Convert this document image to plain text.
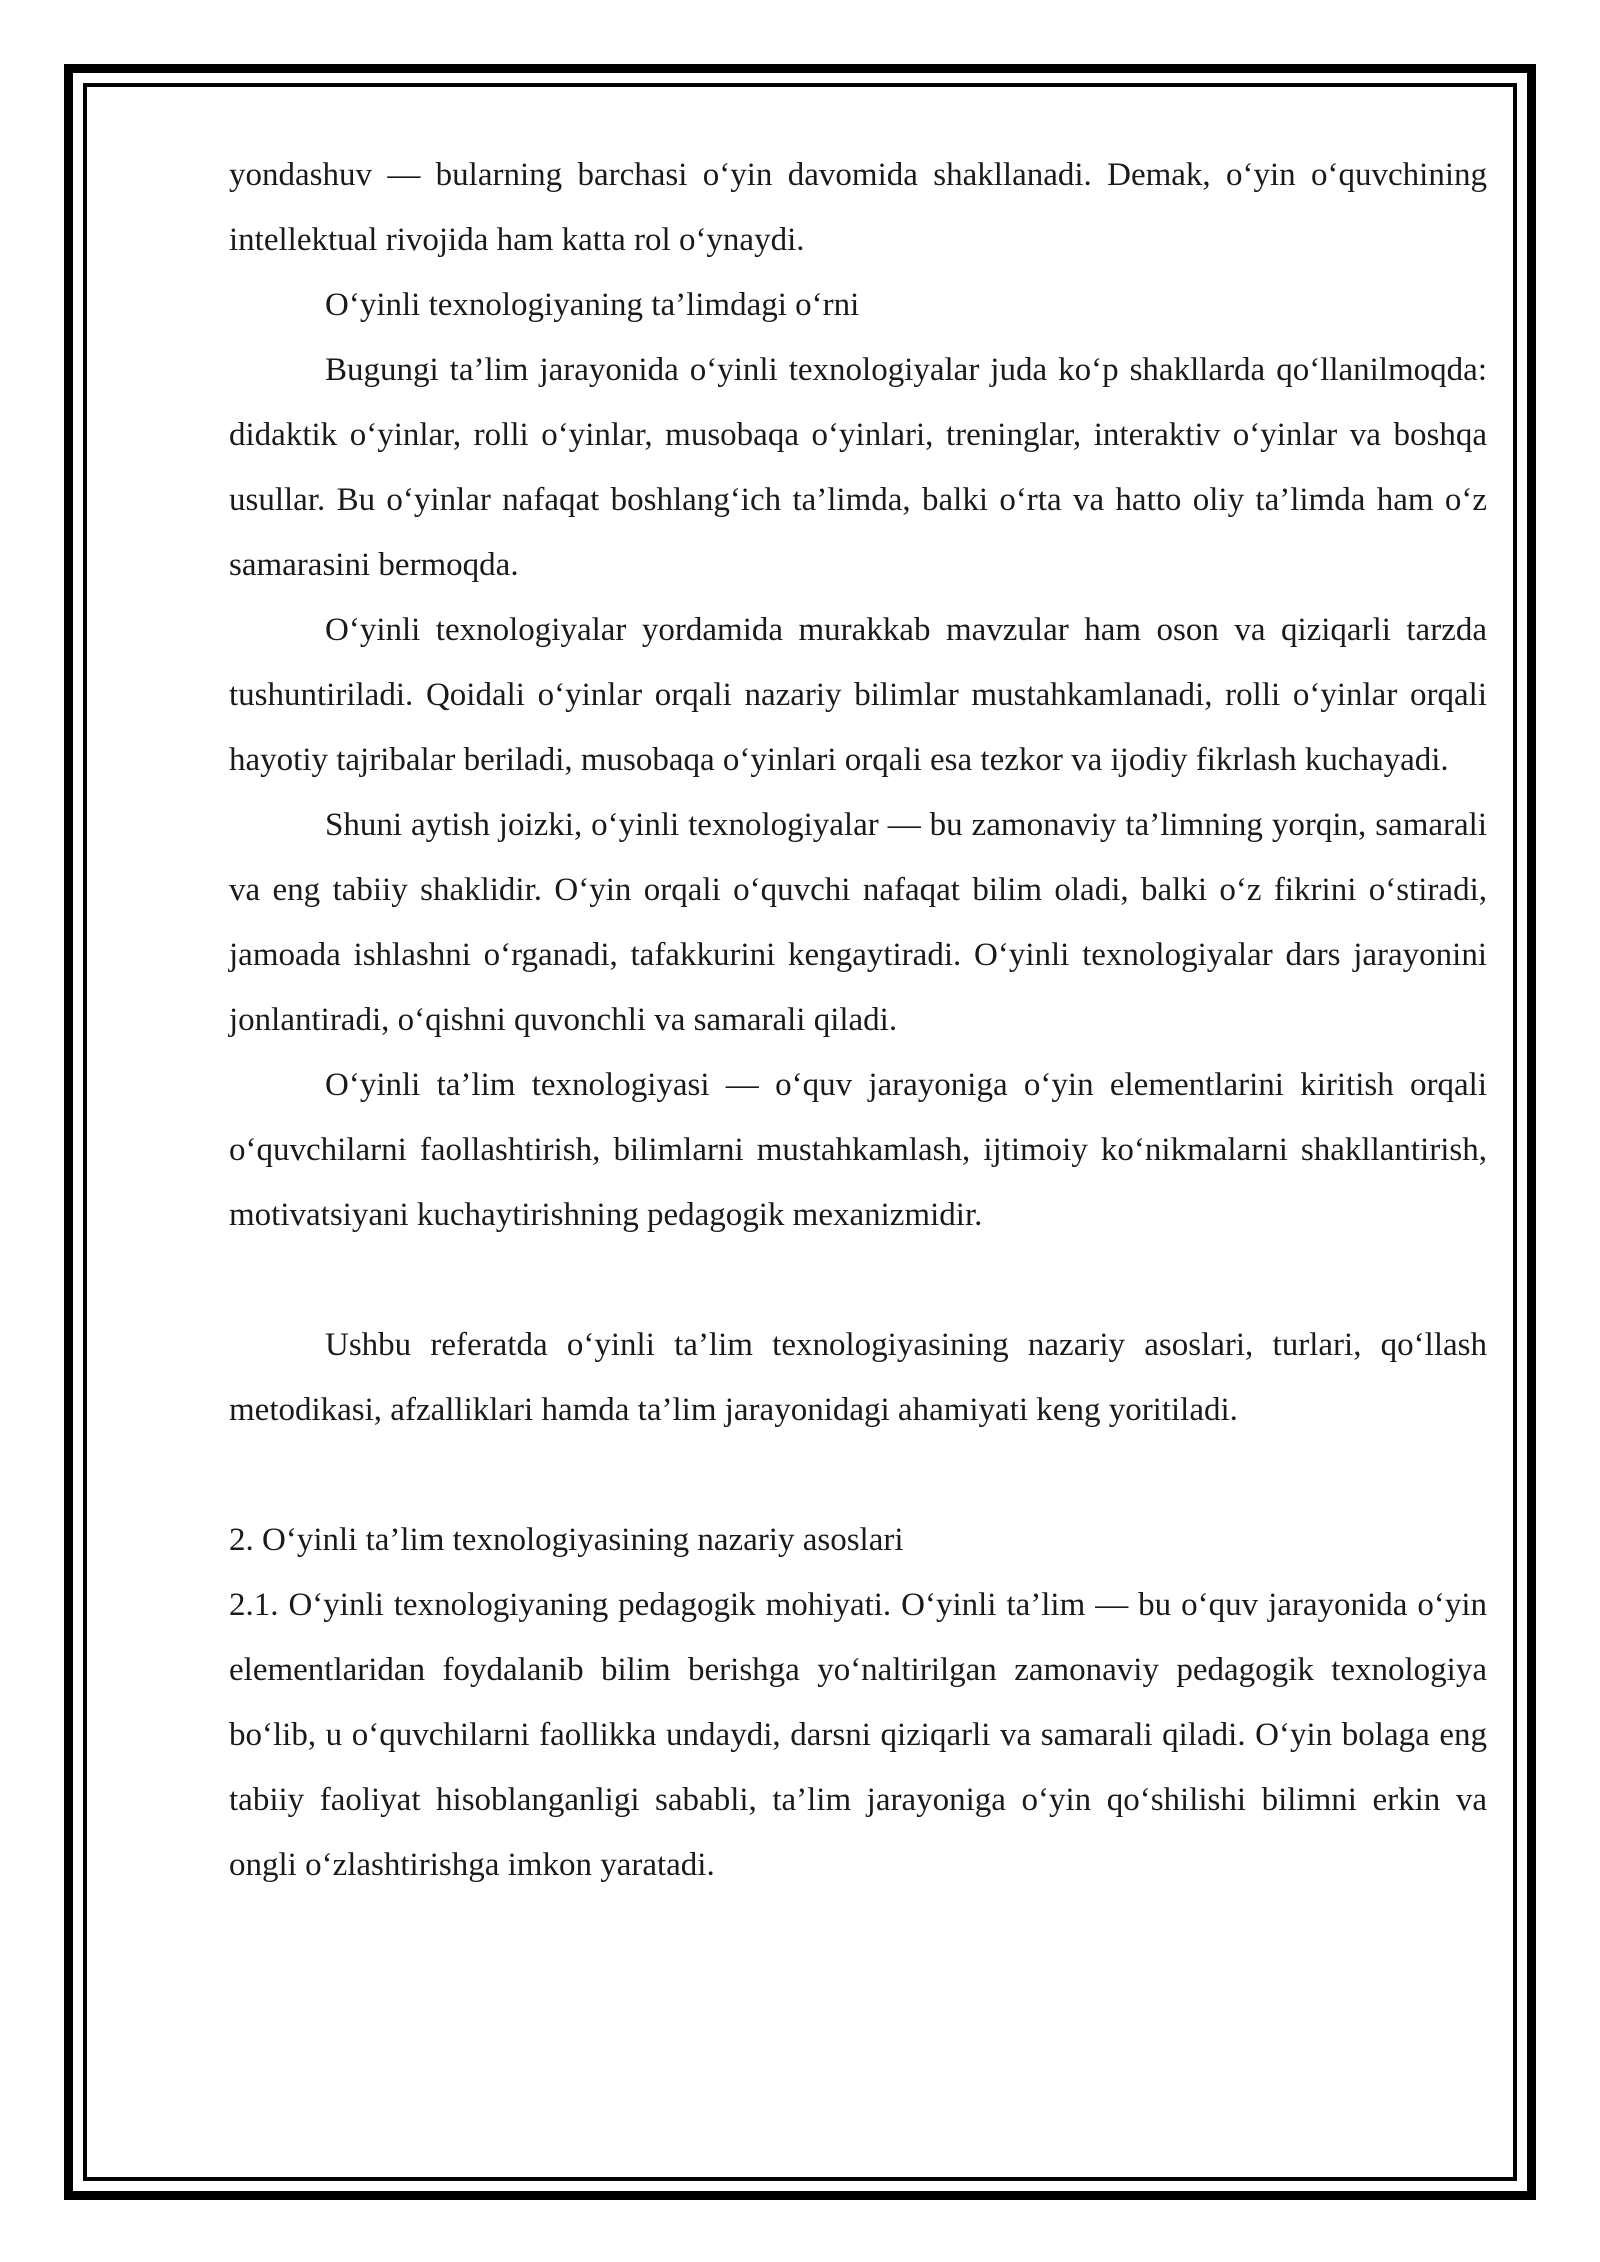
yondashuv — bularning barchasi o‘yin davomida shakllanadi. Demak, o‘yin o‘quvchining intellektual rivojida ham katta rol o‘ynaydi.

O‘yinli texnologiyaning ta’limdagi o‘rni

Bugungi ta’lim jarayonida o‘yinli texnologiyalar juda ko‘p shakllarda qo‘llanilmoqda: didaktik o‘yinlar, rolli o‘yinlar, musobaqa o‘yinlari, treninglar, interaktiv o‘yinlar va boshqa usullar. Bu o‘yinlar nafaqat boshlang‘ich ta’limda, balki o‘rta va hatto oliy ta’limda ham o‘z samarasini bermoqda.

O‘yinli texnologiyalar yordamida murakkab mavzular ham oson va qiziqarli tarzda tushuntiriladi. Qoidali o‘yinlar orqali nazariy bilimlar mustahkamlanadi, rolli o‘yinlar orqali hayotiy tajribalar beriladi, musobaqa o‘yinlari orqali esa tezkor va ijodiy fikrlash kuchayadi.

Shuni aytish joizki, o‘yinli texnologiyalar — bu zamonaviy ta’limning yorqin, samarali va eng tabiiy shaklidir. O‘yin orqali o‘quvchi nafaqat bilim oladi, balki o‘z fikrini o‘stiradi, jamoada ishlashni o‘rganadi, tafakkurini kengaytiradi. O‘yinli texnologiyalar dars jarayonini jonlantiradi, o‘qishni quvonchli va samarali qiladi.

O‘yinli ta’lim texnologiyasi — o‘quv jarayoniga o‘yin elementlarini kiritish orqali o‘quvchilarni faollashtirish, bilimlarni mustahkamlash, ijtimoiy ko‘nikmalarni shakllantirish, motivatsiyani kuchaytirishning pedagogik mexanizmidir.

Ushbu referatda o‘yinli ta’lim texnologiyasining nazariy asoslari, turlari, qo‘llash metodikasi, afzalliklari hamda ta’lim jarayonidagi ahamiyati keng yoritiladi.

2. O‘yinli ta’lim texnologiyasining nazariy asoslari

2.1. O‘yinli texnologiyaning pedagogik mohiyati. O‘yinli ta’lim — bu o‘quv jarayonida o‘yin elementlaridan foydalanib bilim berishga yo‘naltirilgan zamonaviy pedagogik texnologiya bo‘lib, u o‘quvchilarni faollikka undaydi, darsni qiziqarli va samarali qiladi. O‘yin bolaga eng tabiiy faoliyat hisoblanganligi sababli, ta’lim jarayoniga o‘yin qo‘shilishi bilimni erkin va ongli o‘zlashtirishga imkon yaratadi.
